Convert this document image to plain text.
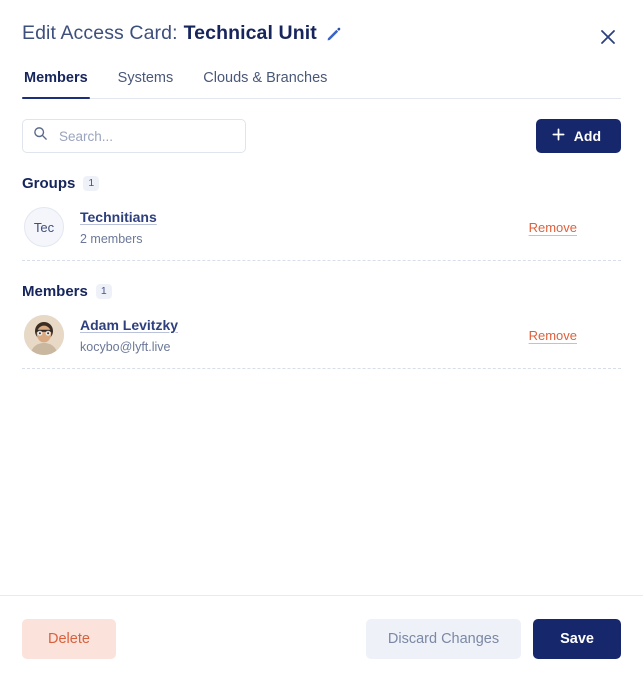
Edit Access Card: Technical Unit
Members Systems Clouds & Branches
Search...
Add
Groups	1
Tec
Technitians
2 members
Remove
Members	1
Adam Levitzky
kocybo@lyft.live
Remove
Delete	Discard Changes	Save
